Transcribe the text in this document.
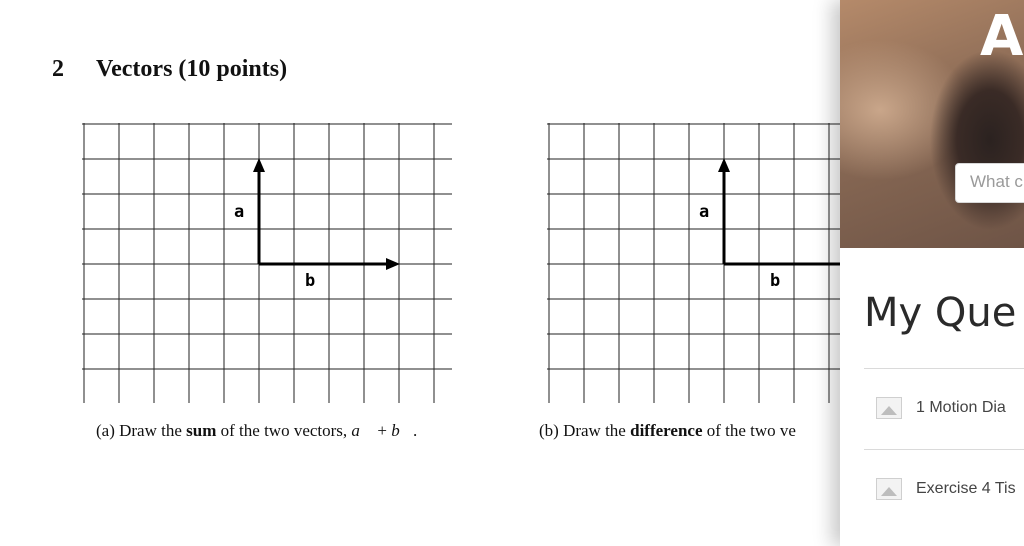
2 Vectors (10 points)
a
b
(a) Draw the sum of the two vectors, a⃗ + b⃗.
a
b
(b) Draw the difference of the two ve
A
What c
My Que
1 Motion Dia
Exercise 4 Tis
